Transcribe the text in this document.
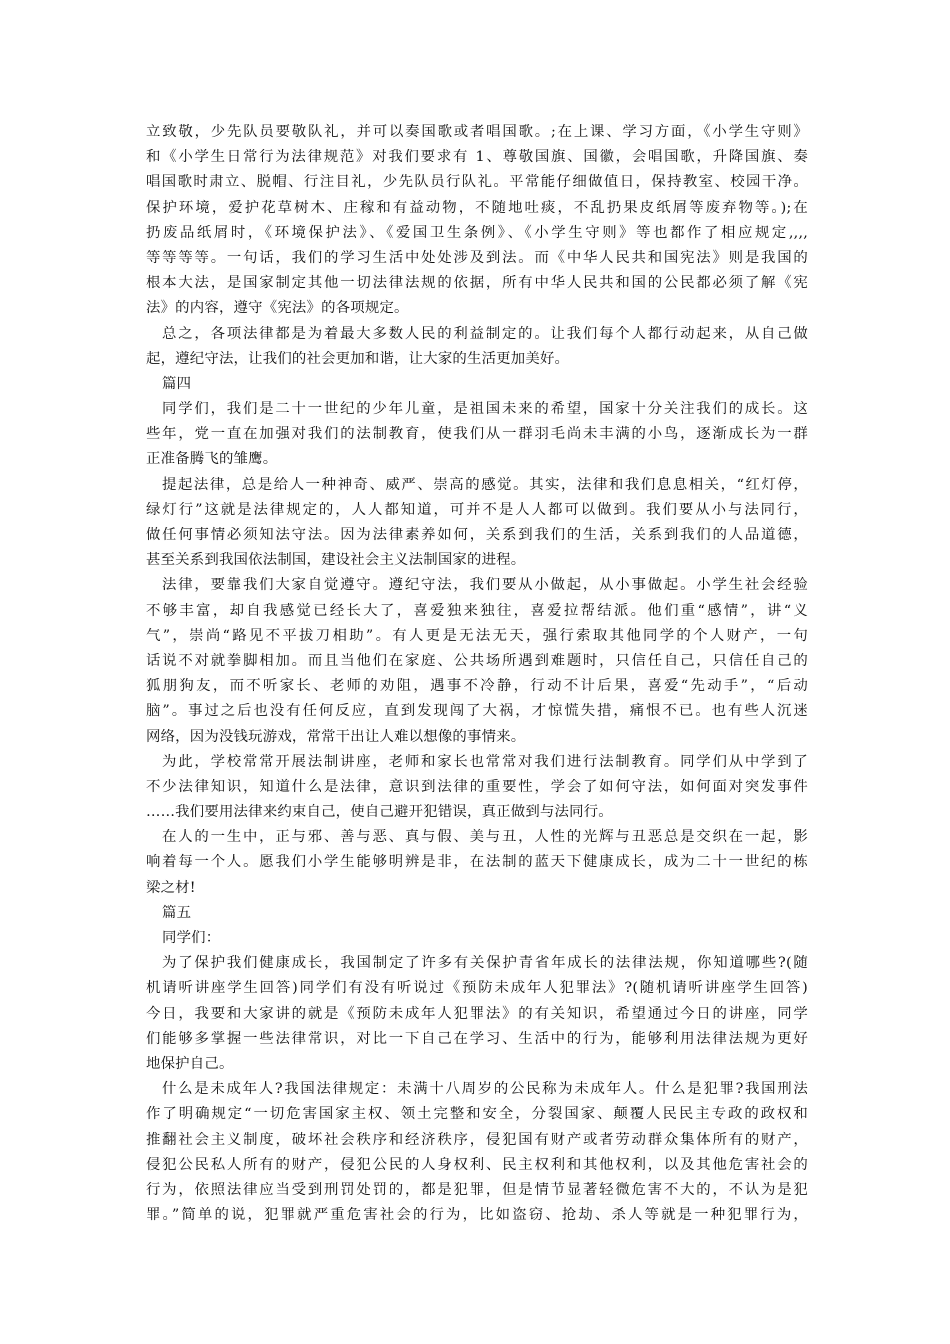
立致敬，少先队员要敬队礼，并可以奏国歌或者唱国歌。;在上课、学习方面，《小学生守则》
和《小学生日常行为法律规范》对我们要求有 1、尊敬国旗、国徽，会唱国歌，升降国旗、奏
唱国歌时肃立、脱帽、行注目礼，少先队员行队礼。平常能仔细做值日，保持教室、校园干净。
保护环境，爱护花草树木、庄稼和有益动物，不随地吐痰，不乱扔果皮纸屑等废弃物等。);在
扔废品纸屑时，《环境保护法》、《爱国卫生条例》、《小学生守则》等也都作了相应规定,,,,
等等等等。一句话，我们的学习生活中处处涉及到法。而《中华人民共和国宪法》则是我国的
根本大法，是国家制定其他一切法律法规的依据，所有中华人民共和国的公民都必须了解《宪
法》的内容，遵守《宪法》的各项规定。
总之，各项法律都是为着最大多数人民的利益制定的。让我们每个人都行动起来，从自己做
起，遵纪守法，让我们的社会更加和谐，让大家的生活更加美好。
篇四
同学们，我们是二十一世纪的少年儿童，是祖国未来的希望，国家十分关注我们的成长。这
些年，党一直在加强对我们的法制教育，使我们从一群羽毛尚未丰满的小鸟，逐渐成长为一群
正准备腾飞的雏鹰。
提起法律，总是给人一种神奇、威严、崇高的感觉。其实，法律和我们息息相关，“红灯停，
绿灯行”这就是法律规定的，人人都知道，可并不是人人都可以做到。我们要从小与法同行，
做任何事情必须知法守法。因为法律素养如何，关系到我们的生活，关系到我们的人品道德，
甚至关系到我国依法制国，建设社会主义法制国家的进程。
法律，要靠我们大家自觉遵守。遵纪守法，我们要从小做起，从小事做起。小学生社会经验
不够丰富，却自我感觉已经长大了，喜爱独来独往，喜爱拉帮结派。他们重“感情”，讲“义
气”，崇尚“路见不平拔刀相助”。有人更是无法无天，强行索取其他同学的个人财产，一句
话说不对就拳脚相加。而且当他们在家庭、公共场所遇到难题时，只信任自己，只信任自己的
狐朋狗友，而不听家长、老师的劝阻，遇事不冷静，行动不计后果，喜爱“先动手”，“后动
脑”。事过之后也没有任何反应，直到发现闯了大祸，才惊慌失措，痛恨不已。也有些人沉迷
网络，因为没钱玩游戏，常常干出让人难以想像的事情来。
为此，学校常常开展法制讲座，老师和家长也常常对我们进行法制教育。同学们从中学到了
不少法律知识，知道什么是法律，意识到法律的重要性，学会了如何守法，如何面对突发事件
……我们要用法律来约束自己，使自己避开犯错误，真正做到与法同行。
在人的一生中，正与邪、善与恶、真与假、美与丑，人性的光辉与丑恶总是交织在一起，影
响着每一个人。愿我们小学生能够明辨是非，在法制的蓝天下健康成长，成为二十一世纪的栋
梁之材!
篇五
同学们：
为了保护我们健康成长，我国制定了许多有关保护青省年成长的法律法规，你知道哪些?(随
机请听讲座学生回答)同学们有没有听说过《预防未成年人犯罪法》?(随机请听讲座学生回答)
今日，我要和大家讲的就是《预防未成年人犯罪法》的有关知识，希望通过今日的讲座，同学
们能够多掌握一些法律常识，对比一下自己在学习、生活中的行为，能够利用法律法规为更好
地保护自己。
什么是未成年人?我国法律规定：未满十八周岁的公民称为未成年人。什么是犯罪?我国刑法
作了明确规定“一切危害国家主权、领土完整和安全，分裂国家、颠覆人民民主专政的政权和
推翻社会主义制度，破坏社会秩序和经济秩序，侵犯国有财产或者劳动群众集体所有的财产，
侵犯公民私人所有的财产，侵犯公民的人身权利、民主权利和其他权利，以及其他危害社会的
行为，依照法律应当受到刑罚处罚的，都是犯罪，但是情节显著轻微危害不大的，不认为是犯
罪。”简单的说，犯罪就严重危害社会的行为，比如盗窃、抢劫、杀人等就是一种犯罪行为，
